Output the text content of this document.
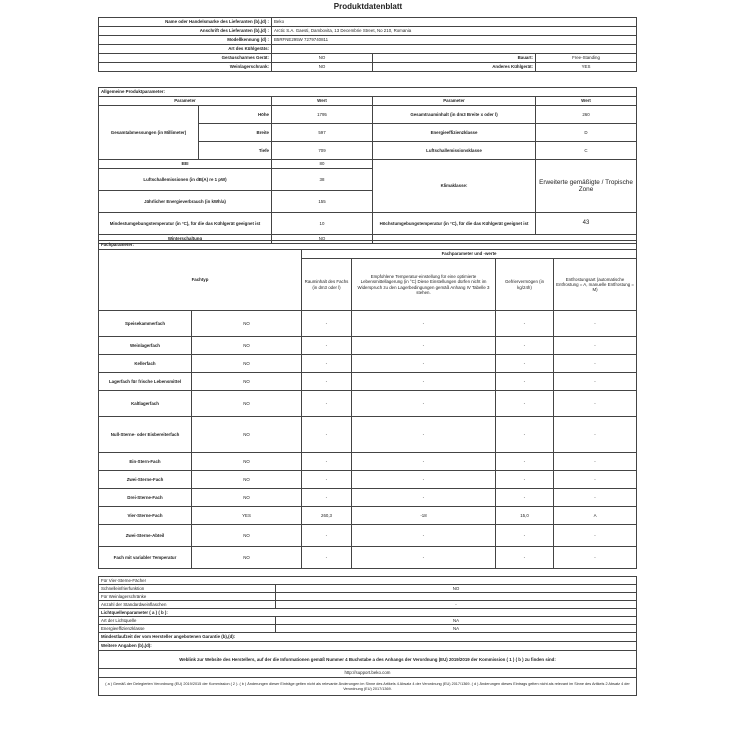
Produktdatenblatt
Name oder Handelsmarke des Lieferanten (b),(d) :	Beko		
Anschrift des Lieferanten (b),(d) :	Arctic S.A. Gaesti, Dambovita, 13 Decembrie Street, No 210, Romania		
Modellkennung (d) :	B5RFNE295W 7279740811		
Art des Kühlgeräts:			
Geräuscharmes Gerät:	NO	Bauart:	Free-Standing
Weinlagerschrank:	NO	Anderes Kühlgerät:	YES
Allgemeine Produktparameter:				
Parameter		Wert	Parameter	Wert
Gesamtabmessungen (in Millimeter)	Höhe	1795	Gesamtrauminhalt (in dm3 Breite x oder l)	260
	Breite	597	Energieeffizienzklasse	D
	Tiefe	709	Luftschallemissionsklasse	C
EEI		80	Klimaklasse:	Erweiterte gemäßigte / Tropische Zone
Luftschallemissionen (in dB(A) re 1 pW)		38		
Jährlicher Energieverbrauch (in kWh/a)		155		
Mindestumgebungstemperatur (in °C), für die das Kühlgerät geeignet ist		10	Höchstumgebungstemperatur (in °C), für die das Kühlgerät geeignet ist	43
Winterschaltung		NO		
Fachparameter:					
Fachtyp		Fachparameter und -werte			
		Rauminhalt des Fachs (in dm3 oder l)	Empfohlene Temperatur-einstellung für eine optimierte Lebensmittellagerung (in °C) Diese Einstellungen dürfen nicht im Widerspruch zu den Lagerbedingungen gemäß Anhang IV Tabelle 3 stehen.	Gefriervermögen (in kg/24h)	Entfrostungsart (automatische Entfrostung = A, manuelle Entfrostung = M)
Speisekammerfach	NO	-	-	-	-
Weinlagerfach	NO	-	-	-	-
Kellerfach	NO	-	-	-	-
Lagerfach für frische Lebensmittel	NO	-	-	-	-
Kaltlagerfach	NO	-	-	-	-
Null-Sterne- oder Eisbereiterfach	NO	-	-	-	-
Ein-Stern-Fach	NO	-	-	-	-
Zwei-Sterne-Fach	NO	-	-	-	-
Drei-Sterne-Fach	NO	-	-	-	-
Vier-Sterne-Fach	YES	260,3	-18	15,0	A
Zwei-Sterne-Abteil	NO	-	-	-	-
Fach mit variabler Temperatur	NO	-	-	-	-
Für Vier-Sterne-Fächer	
Schnelleinfrierfunktion	NO
Für Weinlagerschränke	
Anzahl der Standardweinflaschen	-
Lichtquellenparameter ( a ) ( b ):	
Art der Lichtquelle	NA
Energieeffizienzklasse	NA
Mindestlaufzeit der vom Hersteller angebotenen Garantie (b),(d):	
Weitere Angaben (b),(d):	
Weblink zur Website des Herstellers, auf der die Informationen gemäß Nummer 4 Buchstabe a des Anhangs der Verordnung (EU) 2019/2019 der Kommission ( 1 ) ( b ) zu finden sind:	
http://support.beko.com	
( a ) Gemäß der Delegierten Verordnung (EU) 2019/2015 der Kommission ( 2 ). ( b ) Änderungen dieser Einträge gelten nicht als relevante Änderungen im Sinne des Artikels 4 Absatz 4 der Verordnung (EU) 2017/1369. ( d ) Änderungen dieses Eintrags gelten nicht als relevant im Sinne des Artikels 2 Absatz 4 der Verordnung (EU) 2017/1369.	
